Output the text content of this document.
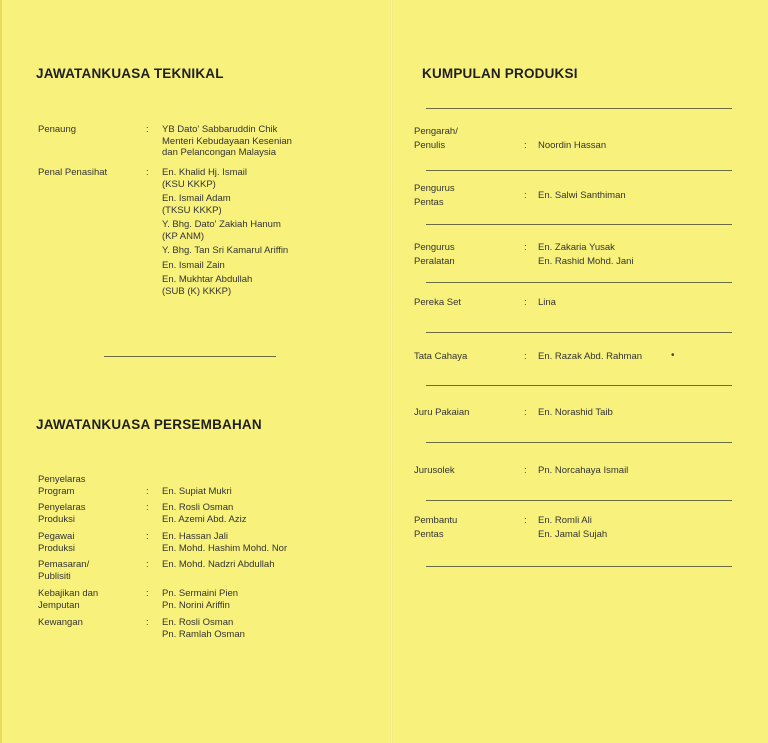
JAWATANKUASA TEKNIKAL
Penaung	:	YB Dato' Sabbaruddin Chik
Menteri Kebudayaan Kesenian
dan Pelancongan Malaysia
Penal Penasihat	:	En. Khalid Hj. Ismail
(KSU KKKP)
En. Ismail Adam
(TKSU KKKP)
Y. Bhg. Dato' Zakiah Hanum
(KP ANM)
Y. Bhg. Tan Sri Kamarul Ariffin
En. Ismail Zain
En. Mukhtar Abdullah
(SUB (K) KKKP)
JAWATANKUASA PERSEMBAHAN
Penyelaras
Program	:	En. Supiat Mukri
Penyelaras
Produksi
:	En. Rosli Osman
En. Azemi Abd. Aziz
Pegawai
Produksi
:	En. Hassan Jali
En. Mohd. Hashim Mohd. Nor
Pemasaran/
Publisiti
:	En. Mohd. Nadzri Abdullah
Kebajikan dan
Jemputan
:	Pn. Sermaini Pien
Pn. Norini Ariffin
Kewangan	:	En. Rosli Osman
Pn. Ramlah Osman
KUMPULAN PRODUKSI
Pengarah/
Penulis	:	Noordin Hassan
Pengurus
Pentas
:	En. Salwi Santhiman
Pengurus
Peralatan
:	En. Zakaria Yusak
En. Rashid Mohd. Jani
Pereka Set	:	Lina
Tata Cahaya	:	En. Razak Abd. Rahman	•
Juru Pakaian	:	En. Norashid Taib
Jurusolek	:	Pn. Norcahaya Ismail
Pembantu
Pentas
:	En. Romli Ali
En. Jamal Sujah
